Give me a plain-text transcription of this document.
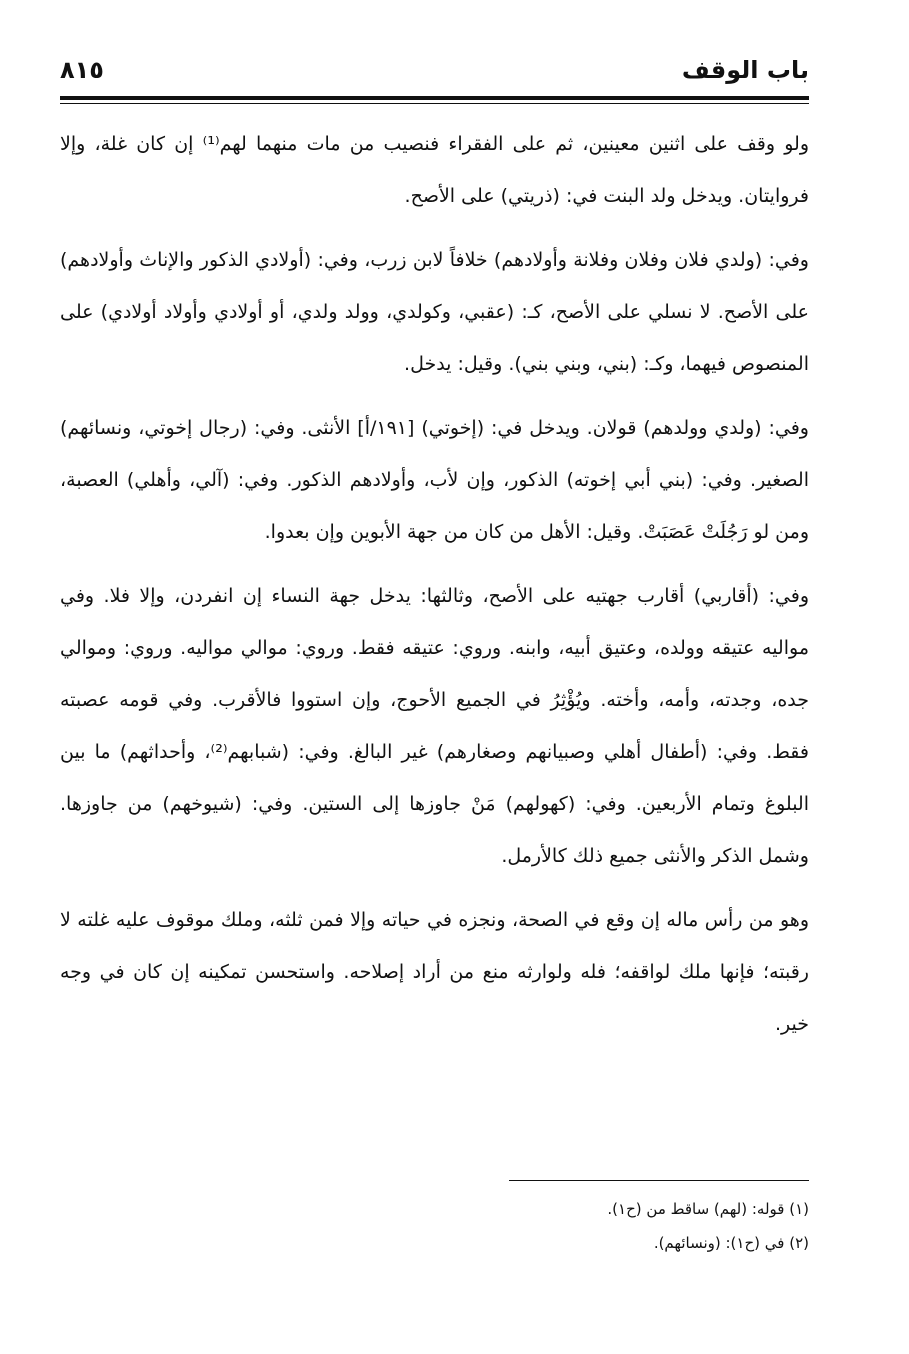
باب الوقف
٨١٥

ولو وقف على اثنين معينين، ثم على الفقراء فنصيب من مات منهما لهم⁽¹⁾ إن كان غلة، وإلا فروايتان. ويدخل ولد البنت في: (ذريتي) على الأصح.

وفي: (ولدي فلان وفلان وفلانة وأولادهم) خلافاً لابن زرب، وفي: (أولادي الذكور والإناث وأولادهم) على الأصح. لا نسلي على الأصح، كـ: (عقبي، وكولدي، وولد ولدي، أو أولادي وأولاد أولادي) على المنصوص فيهما، وكـ: (بني، وبني بني). وقيل: يدخل.

وفي: (ولدي وولدهم) قولان. ويدخل في: (إخوتي) [١٩١/أ] الأنثى. وفي: (رجال إخوتي، ونسائهم) الصغير. وفي: (بني أبي إخوته) الذكور، وإن لأب، وأولادهم الذكور. وفي: (آلي، وأهلي) العصبة، ومن لو رَجُلَتْ عَصَبَتْ. وقيل: الأهل من كان من جهة الأبوين وإن بعدوا.

وفي: (أقاربي) أقارب جهتيه على الأصح، وثالثها: يدخل جهة النساء إن انفردن، وإلا فلا. وفي مواليه عتيقه وولده، وعتيق أبيه، وابنه. وروي: عتيقه فقط. وروي: موالي مواليه. وروي: وموالي جده، وجدته، وأمه، وأخته. ويُؤْثِرُ في الجميع الأحوج، وإن استووا فالأقرب. وفي قومه عصبته فقط. وفي: (أطفال أهلي وصبيانهم وصغارهم) غير البالغ. وفي: (شبابهم⁽²⁾، وأحداثهم) ما بين البلوغ وتمام الأربعين. وفي: (كهولهم) مَنْ جاوزها إلى الستين. وفي: (شيوخهم) من جاوزها. وشمل الذكر والأنثى جميع ذلك كالأرمل.

وهو من رأس ماله إن وقع في الصحة، ونجزه في حياته وإلا فمن ثلثه، وملك موقوف عليه غلته لا رقبته؛ فإنها ملك لواقفه؛ فله ولوارثه منع من أراد إصلاحه. واستحسن تمكينه إن كان في وجه خير.

(١) قوله: (لهم) ساقط من (ح١).

(٢) في (ح١): (ونسائهم).
